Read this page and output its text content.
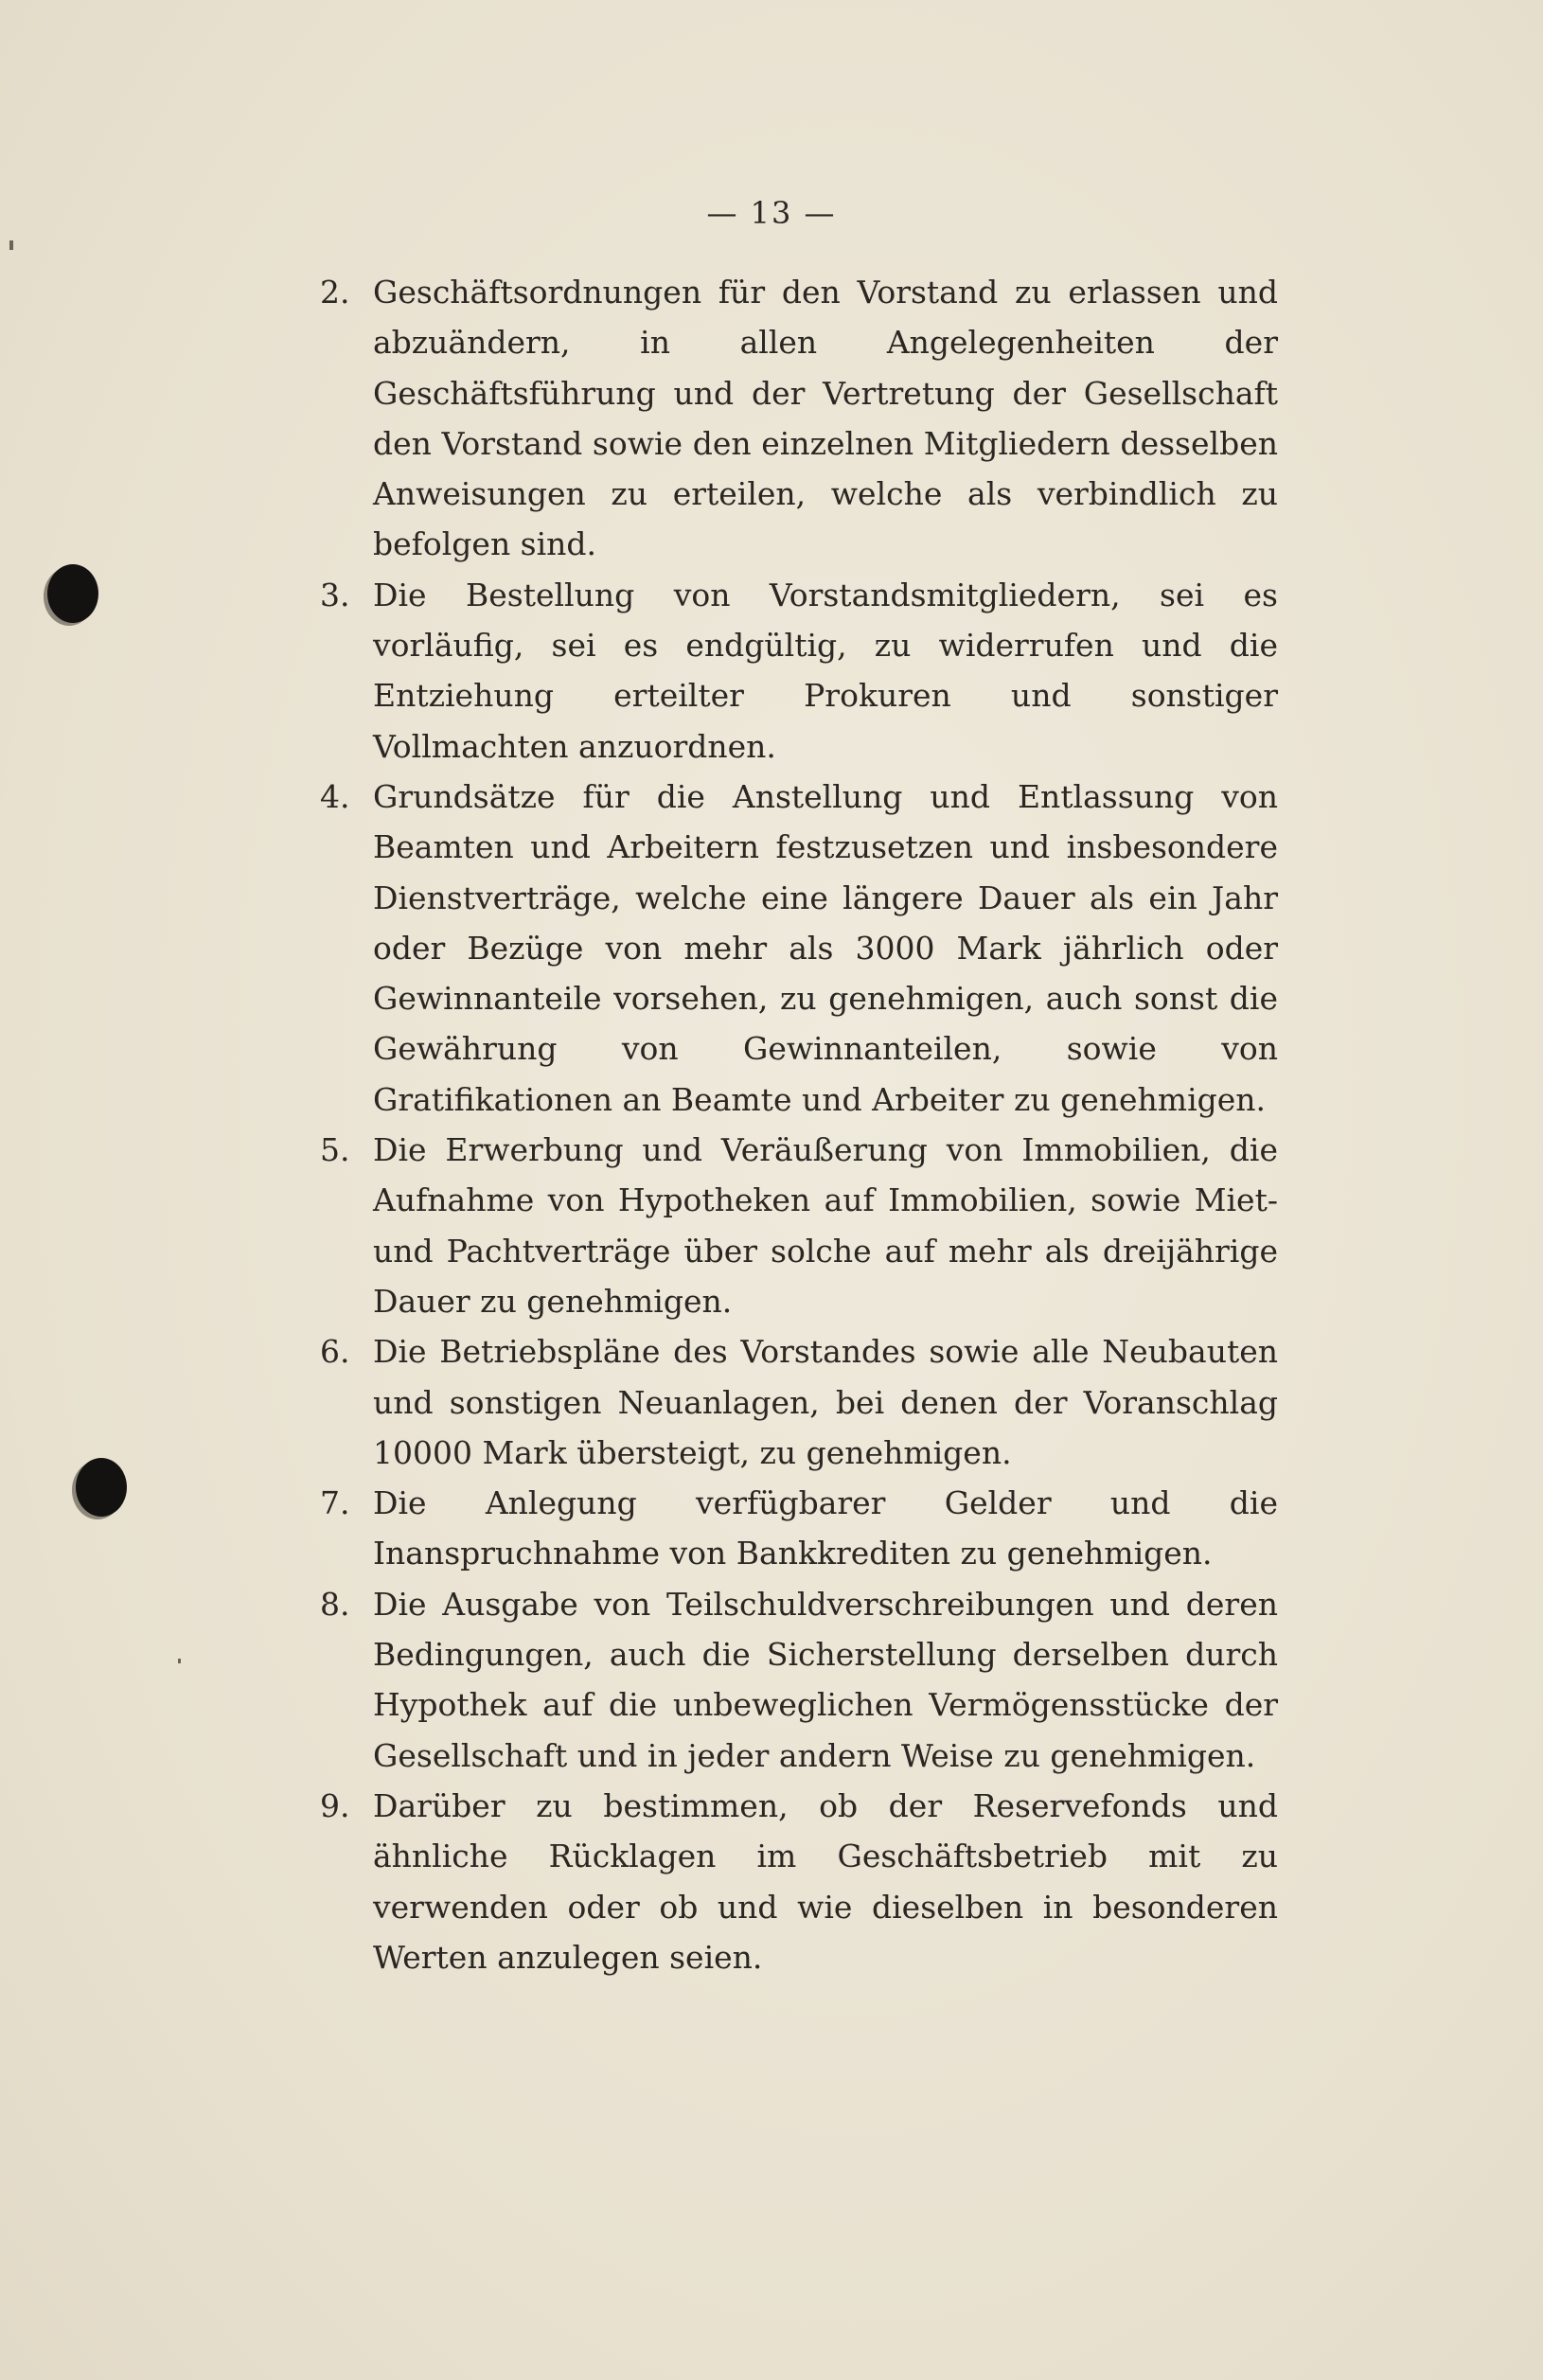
— 13 —
2. Geschäftsordnungen für den Vorstand zu erlassen und abzuändern, in allen Angelegenheiten der Geschäftsführung und der Vertretung der Gesellschaft den Vorstand sowie den einzelnen Mitgliedern desselben Anweisungen zu erteilen, welche als verbindlich zu befolgen sind.
3. Die Bestellung von Vorstandsmitgliedern, sei es vorläufig, sei es endgültig, zu widerrufen und die Entziehung erteilter Prokuren und sonstiger Vollmachten anzuordnen.
4. Grundsätze für die Anstellung und Entlassung von Beamten und Arbeitern festzusetzen und insbesondere Dienstverträge, welche eine längere Dauer als ein Jahr oder Bezüge von mehr als 3000 Mark jährlich oder Gewinnanteile vorsehen, zu genehmigen, auch sonst die Gewährung von Gewinnanteilen, sowie von Gratifikationen an Beamte und Arbeiter zu genehmigen.
5. Die Erwerbung und Veräußerung von Immobilien, die Aufnahme von Hypotheken auf Immobilien, sowie Miet- und Pachtverträge über solche auf mehr als dreijährige Dauer zu genehmigen.
6. Die Betriebspläne des Vorstandes sowie alle Neubauten und sonstigen Neuanlagen, bei denen der Voranschlag 10000 Mark übersteigt, zu genehmigen.
7. Die Anlegung verfügbarer Gelder und die Inanspruchnahme von Bankkrediten zu genehmigen.
8. Die Ausgabe von Teilschuldverschreibungen und deren Bedingungen, auch die Sicherstellung derselben durch Hypothek auf die unbeweglichen Vermögensstücke der Gesellschaft und in jeder andern Weise zu genehmigen.
9. Darüber zu bestimmen, ob der Reservefonds und ähnliche Rücklagen im Geschäftsbetrieb mit zu verwenden oder ob und wie dieselben in besonderen Werten anzulegen seien.
